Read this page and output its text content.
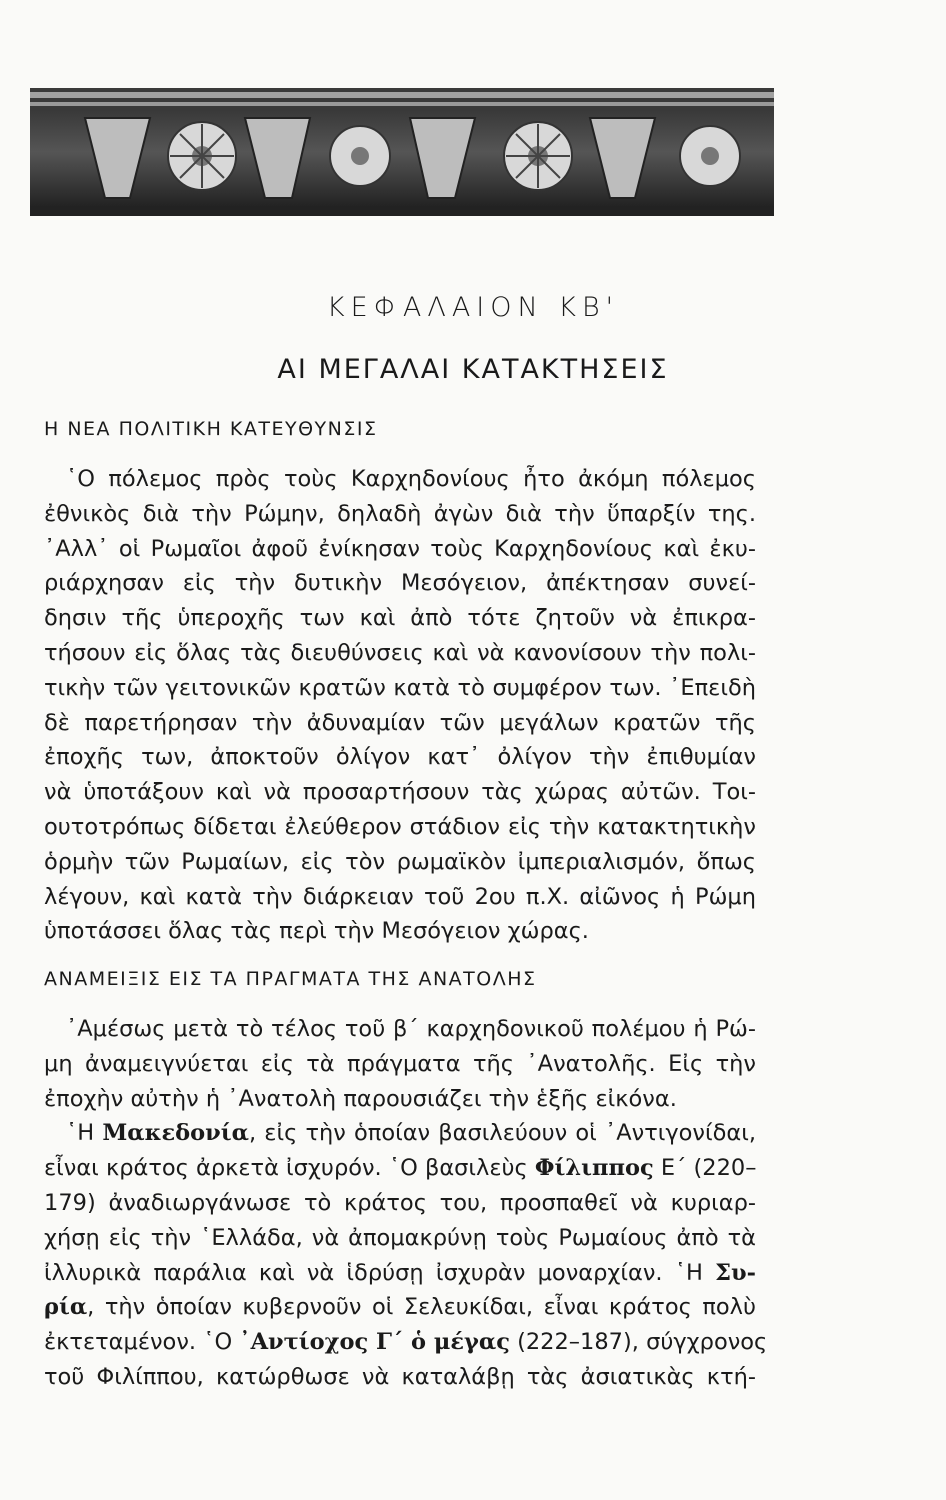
ΚΕΦΑΛΑΙΟΝ ΚΒ'
ΑΙ ΜΕΓΑΛΑΙ ΚΑΤΑΚΤΗΣΕΙΣ
Η ΝΕΑ ΠΟΛΙΤΙΚΗ ΚΑΤΕΥΘΥΝΣΙΣ
῾Ο πόλεμος πρὸς τοὺς Καρχηδονίους ἦτο ἀκόμη πόλεμος
ἐθνικὸς διὰ τὴν Ρώμην, δηλαδὴ ἀγὼν διὰ τὴν ὕπαρξίν της.
᾿Αλλ᾿ οἱ Ρωμαῖοι ἀφοῦ ἐνίκησαν τοὺς Καρχηδονίους καὶ ἐκυ-
ριάρχησαν εἰς τὴν δυτικὴν Μεσόγειον, ἀπέκτησαν συνεί-
δησιν τῆς ὑπεροχῆς των καὶ ἀπὸ τότε ζητοῦν νὰ ἐπικρα-
τήσουν εἰς ὅλας τὰς διευθύνσεις καὶ νὰ κανονίσουν τὴν πολι-
τικὴν τῶν γειτονικῶν κρατῶν κατὰ τὸ συμφέρον των. ᾿Επειδὴ
δὲ παρετήρησαν τὴν ἀδυναμίαν τῶν μεγάλων κρατῶν τῆς
ἐποχῆς των, ἀποκτοῦν ὀλίγον κατ᾿ ὀλίγον τὴν ἐπιθυμίαν
νὰ ὑποτάξουν καὶ νὰ προσαρτήσουν τὰς χώρας αὐτῶν. Τοι-
ουτοτρόπως δίδεται ἐλεύθερον στάδιον εἰς τὴν κατακτητικὴν
ὁρμὴν τῶν Ρωμαίων, εἰς τὸν ρωμαϊκὸν ἰμπεριαλισμόν, ὅπως
λέγουν, καὶ κατὰ τὴν διάρκειαν τοῦ 2ου π.Χ. αἰῶνος ἡ Ρώμη
ὑποτάσσει ὅλας τὰς περὶ τὴν Μεσόγειον χώρας.
ΑΝΑΜΕΙΞΙΣ ΕΙΣ ΤΑ ΠΡΑΓΜΑΤΑ ΤΗΣ ΑΝΑΤΟΛΗΣ
᾿Αμέσως μετὰ τὸ τέλος τοῦ β΄ καρχηδονικοῦ πολέμου ἡ Ρώ-
μη ἀναμειγνύεται εἰς τὰ πράγματα τῆς ᾿Ανατολῆς. Εἰς τὴν
ἐποχὴν αὐτὴν ἡ ᾿Ανατολὴ παρουσιάζει τὴν ἑξῆς εἰκόνα.
῾Η Μακεδονία, εἰς τὴν ὁποίαν βασιλεύουν οἱ ᾿Αντιγονίδαι,
εἶναι κράτος ἀρκετὰ ἰσχυρόν. ῾Ο βασιλεὺς Φίλιππος Ε΄ (220–
179) ἀναδιωργάνωσε τὸ κράτος του, προσπαθεῖ νὰ κυριαρ-
χήσῃ εἰς τὴν ῾Ελλάδα, νὰ ἀπομακρύνῃ τοὺς Ρωμαίους ἀπὸ τὰ
ἰλλυρικὰ παράλια καὶ νὰ ἱδρύσῃ ἰσχυρὰν μοναρχίαν. ῾Η Συ-
ρία, τὴν ὁποίαν κυβερνοῦν οἱ Σελευκίδαι, εἶναι κράτος πολὺ
ἐκτεταμένον. ῾Ο ᾿Αντίοχος Γ΄ ὁ μέγας (222–187), σύγχρονος
τοῦ Φιλίππου, κατώρθωσε νὰ καταλάβῃ τὰς ἀσιατικὰς κτή-
